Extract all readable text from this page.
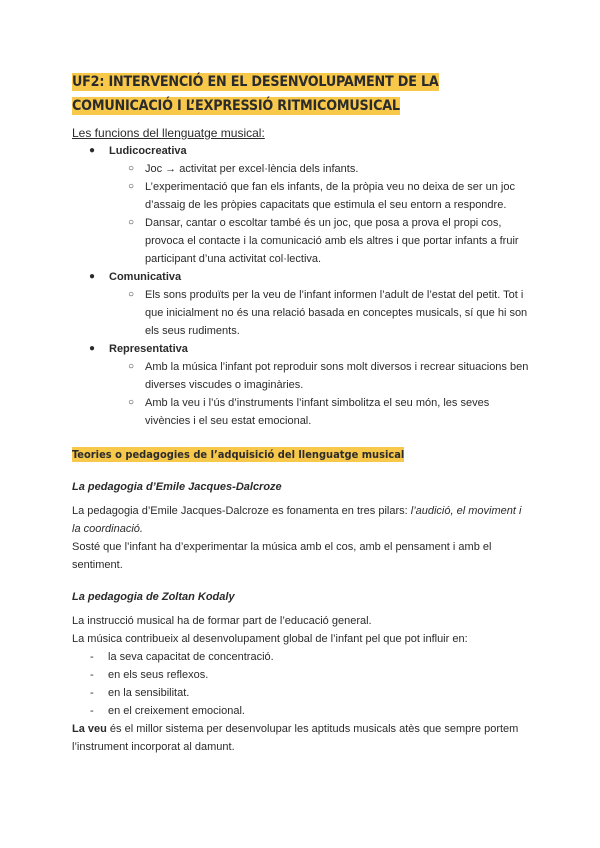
UF2: INTERVENCIÓ EN EL DESENVOLUPAMENT DE LA COMUNICACIÓ I L’EXPRESSIÓ RITMICOMUSICAL
Les funcions del llenguatge musical:
● Ludicocreativa
○ Joc → activitat per excel·lència dels infants.
○ L’experimentació que fan els infants, de la pròpia veu no deixa de ser un joc d’assaig de les pròpies capacitats que estimula el seu entorn a respondre.
○ Dansar, cantar o escoltar també és un joc, que posa a prova el propi cos, provoca el contacte i la comunicació amb els altres i que portar infants a fruir participant d’una activitat col·lectiva.
● Comunicativa
○ Els sons produïts per la veu de l’infant informen l’adult de l’estat del petit. Tot i que inicialment no és una relació basada en conceptes musicals, sí que hi son els seus rudiments.
● Representativa
○ Amb la música l’infant pot reproduir sons molt diversos i recrear situacions ben diverses viscudes o imaginàries.
○ Amb la veu i l’ús d’instruments l’infant simbolitza el seu món, les seves vivències i el seu estat emocional.
Teories o pedagogies de l’adquisició del llenguatge musical
La pedagogia d’Emile Jacques-Dalcroze

La pedagogia d’Emile Jacques-Dalcroze es fonamenta en tres pilars: l’audició, el moviment i la coordinació.

Sosté que l’infant ha d’experimentar la música amb el cos, amb el pensament i amb el sentiment.

La pedagogia de Zoltan Kodaly

La instrucció musical ha de formar part de l’educació general.

La música contribueix al desenvolupament global de l’infant pel que pot influir en:

- la seva capacitat de concentració.
- en els seus reflexos.
- en la sensibilitat.
- en el creixement emocional.

La veu és el millor sistema per desenvolupar les aptituds musicals atès que sempre portem l’instrument incorporat al damunt.
